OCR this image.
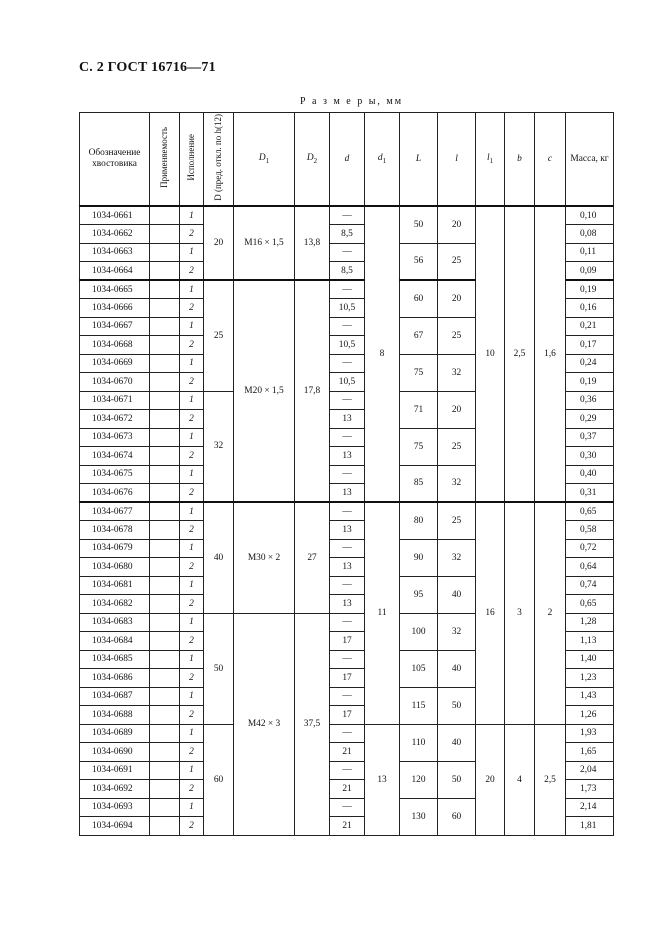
С. 2 ГОСТ 16716—71
Р а з м е р ы, мм
Обозначение хвостовика	Применяемость	Исполнение	D (пред. откл. по h(12)	$D_1$	$D_2$	d	$d_1$	L	l	$l_1$	b	c	Масса, кг
1034-0661		1	20	М16 × 1,5	13,8	—	8	50	20	10	2,5	1,6	0,10
1034-0662		2				8,5							0,08
1034-0663		1				—		56	25				0,11
1034-0664		2				8,5							0,09
1034-0665		1	25	М20 × 1,5	17,8	—		60	20				0,19
1034-0666		2				10,5							0,16
1034-0667		1				—		67	25				0,21
1034-0668		2				10,5							0,17
1034-0669		1				—		75	32				0,24
1034-0670		2				10,5							0,19
1034-0671		1	32			—		71	20				0,36
1034-0672		2				13							0,29
1034-0673		1				—		75	25				0,37
1034-0674		2				13							0,30
1034-0675		1				—		85	32				0,40
1034-0676		2				13							0,31
1034-0677		1	40	М30 × 2	27	—	11	80	25	16	3	2	0,65
1034-0678		2				13							0,58
1034-0679		1				—		90	32				0,72
1034-0680		2				13							0,64
1034-0681		1				—		95	40				0,74
1034-0682		2				13							0,65
1034-0683		1	50	М42 × 3	37,5	—		100	32				1,28
1034-0684		2				17							1,13
1034-0685		1				—		105	40				1,40
1034-0686		2				17							1,23
1034-0687		1				—		115	50				1,43
1034-0688		2				17							1,26
1034-0689		1	60			—	13	110	40	20	4	2,5	1,93
1034-0690		2				21							1,65
1034-0691		1				—		120	50				2,04
1034-0692		2				21							1,73
1034-0693		1				—		130	60				2,14
1034-0694		2				21							1,81
